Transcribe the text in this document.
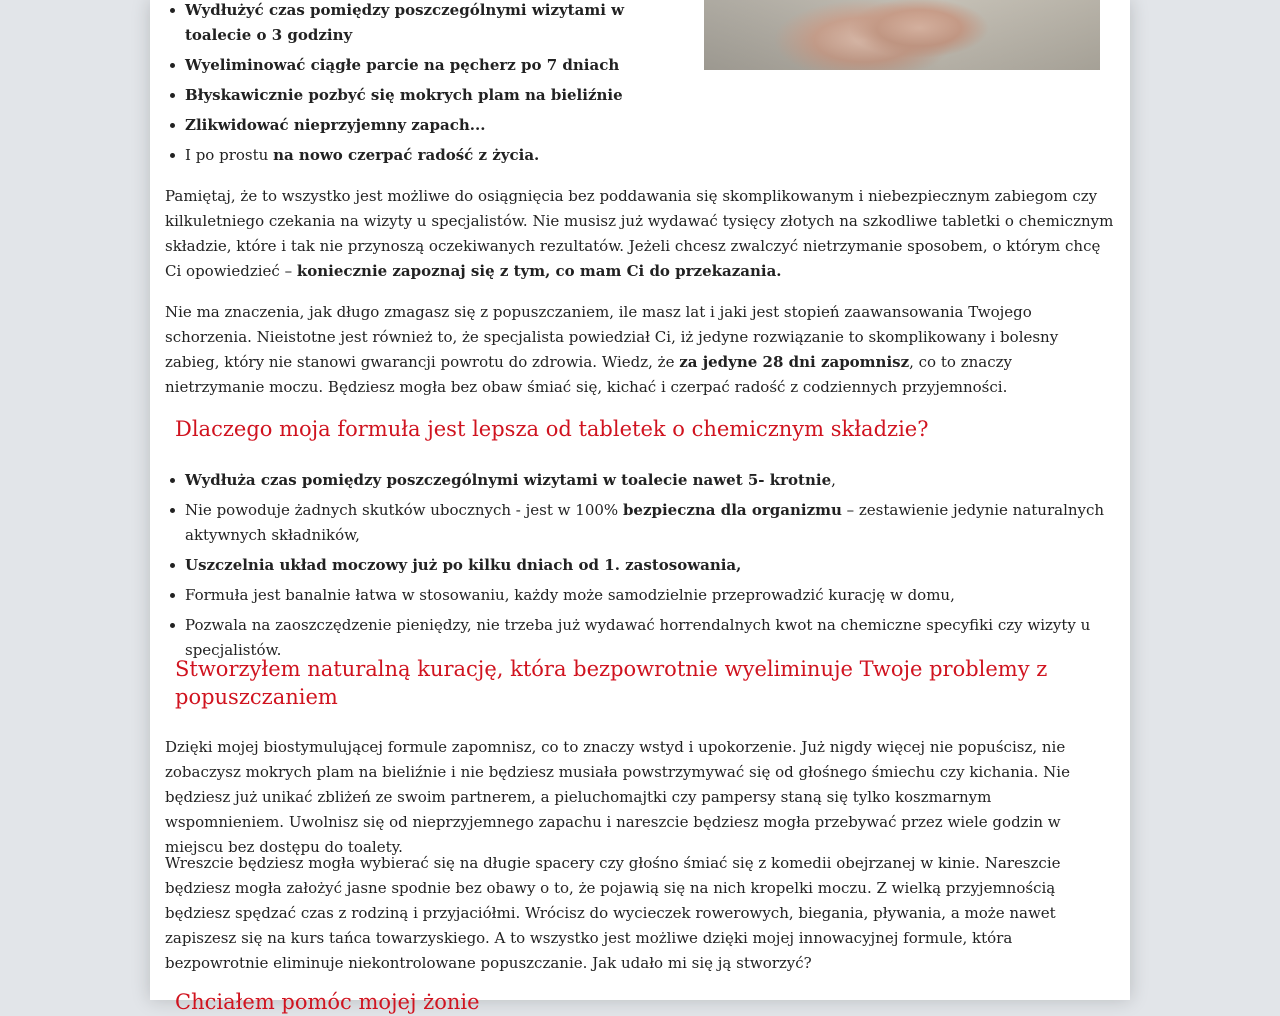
Wydłużyć czas pomiędzy poszczególnymi wizytami w toalecie o 3 godziny
Wyeliminować ciągłe parcie na pęcherz po 7 dniach
Błyskawicznie pozbyć się mokrych plam na bieliźnie
Zlikwidować nieprzyjemny zapach...
I po prostu na nowo czerpać radość z życia.

Pamiętaj, że to wszystko jest możliwe do osiągnięcia bez poddawania się skomplikowanym i niebezpiecznym zabiegom czy kilkuletniego czekania na wizyty u specjalistów. Nie musisz już wydawać tysięcy złotych na szkodliwe tabletki o chemicznym składzie, które i tak nie przynoszą oczekiwanych rezultatów. Jeżeli chcesz zwalczyć nietrzymanie sposobem, o którym chcę Ci opowiedzieć – koniecznie zapoznaj się z tym, co mam Ci do przekazania.

Nie ma znaczenia, jak długo zmagasz się z popuszczaniem, ile masz lat i jaki jest stopień zaawansowania Twojego schorzenia. Nieistotne jest również to, że specjalista powiedział Ci, iż jedyne rozwiązanie to skomplikowany i bolesny zabieg, który nie stanowi gwarancji powrotu do zdrowia. Wiedz, że za jedyne 28 dni zapomnisz, co to znaczy nietrzymanie moczu. Będziesz mogła bez obaw śmiać się, kichać i czerpać radość z codziennych przyjemności.

Dlaczego moja formuła jest lepsza od tabletek o chemicznym składzie?
Wydłuża czas pomiędzy poszczególnymi wizytami w toalecie nawet 5- krotnie,
Nie powoduje żadnych skutków ubocznych - jest w 100% bezpieczna dla organizmu – zestawienie jedynie naturalnych aktywnych składników,
Uszczelnia układ moczowy już po kilku dniach od 1. zastosowania,
Formuła jest banalnie łatwa w stosowaniu, każdy może samodzielnie przeprowadzić kurację w domu,
Pozwala na zaoszczędzenie pieniędzy, nie trzeba już wydawać horrendalnych kwot na chemiczne specyfiki czy wizyty u specjalistów.
Stworzyłem naturalną kurację, która bezpowrotnie wyeliminuje Twoje problemy z popuszczaniem

Dzięki mojej biostymulującej formule zapomnisz, co to znaczy wstyd i upokorzenie. Już nigdy więcej nie popuścisz, nie zobaczysz mokrych plam na bieliźnie i nie będziesz musiała powstrzymywać się od głośnego śmiechu czy kichania. Nie będziesz już unikać zbliżeń ze swoim partnerem, a pieluchomajtki czy pampersy staną się tylko koszmarnym wspomnieniem. Uwolnisz się od nieprzyjemnego zapachu i nareszcie będziesz mogła przebywać przez wiele godzin w miejscu bez dostępu do toalety.

Wreszcie będziesz mogła wybierać się na długie spacery czy głośno śmiać się z komedii obejrzanej w kinie. Nareszcie będziesz mogła założyć jasne spodnie bez obawy o to, że pojawią się na nich kropelki moczu. Z wielką przyjemnością będziesz spędzać czas z rodziną i przyjaciółmi. Wrócisz do wycieczek rowerowych, biegania, pływania, a może nawet zapiszesz się na kurs tańca towarzyskiego. A to wszystko jest możliwe dzięki mojej innowacyjnej formule, która bezpowrotnie eliminuje niekontrolowane popuszczanie. Jak udało mi się ją stworzyć?

Chciałem pomóc mojej żonie
